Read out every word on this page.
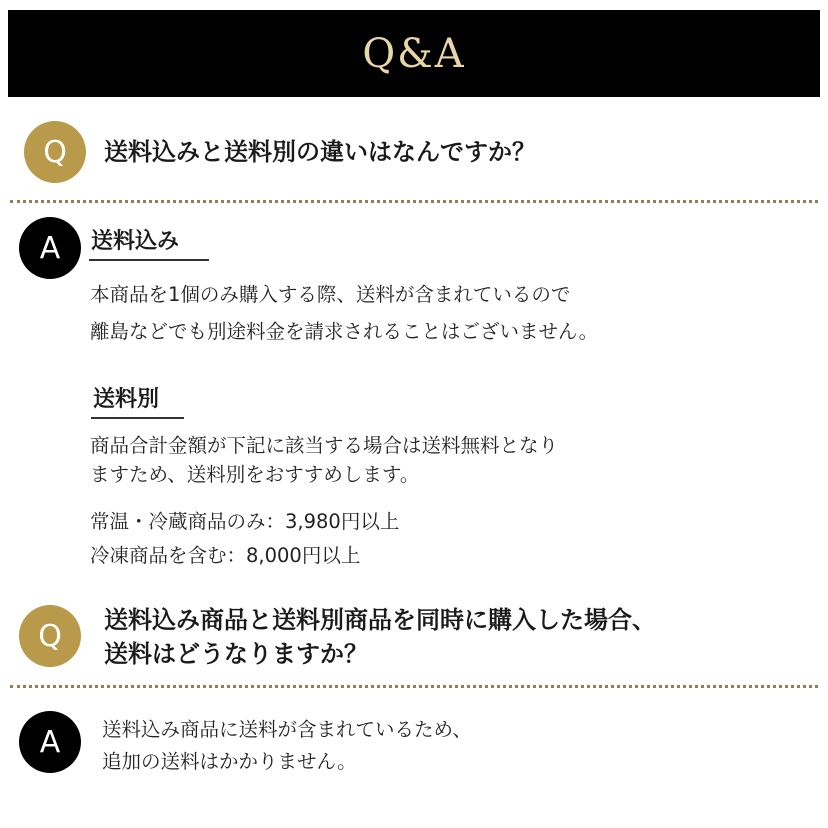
Q&A
Q 送料込みと送料別の違いはなんですか？
A 送料込み
本商品を1個のみ購入する際、送料が含まれているので
離島などでも別途料金を請求されることはございません。
送料別
商品合計金額が下記に該当する場合は送料無料となり
ますため、送料別をおすすめします。
常温・冷蔵商品のみ：3,980円以上
冷凍商品を含む：8,000円以上
Q 送料込み商品と送料別商品を同時に購入した場合、
送料はどうなりますか？
A 送料込み商品に送料が含まれているため、
追加の送料はかかりません。
